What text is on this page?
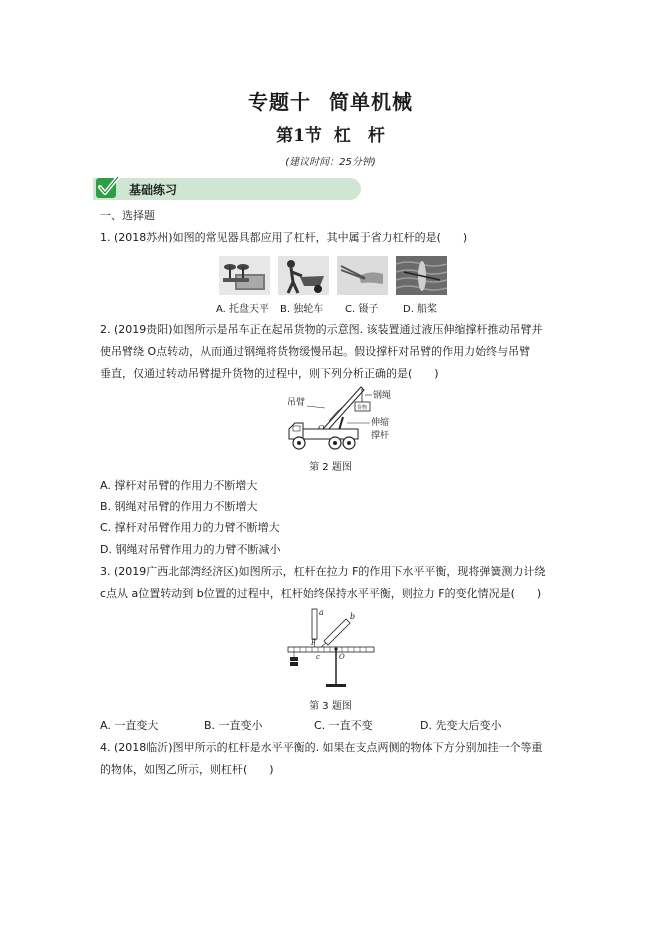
专题十 简单机械
第1节 杠　杆
(建议时间：25分钟)
基础练习
一、选择题
1. (2018苏州)如图的常见器具都应用了杠杆，其中属于省力杠杆的是(　　)
A. 托盘天平 B. 独轮车 C. 镊子 D. 船桨
2. (2019贵阳)如图所示是吊车正在起吊货物的示意图. 该装置通过液压伸缩撑杆推动吊臂并
使吊臂绕 O点转动，从而通过钢绳将货物缓慢吊起。假设撑杆对吊臂的作用力始终与吊臂
垂直，仅通过转动吊臂提升货物的过程中，则下列分析正确的是(　　)
吊臂
钢绳
伸缩
撑杆
货物
第 2 题图
A. 撑杆对吊臂的作用力不断增大
B. 钢绳对吊臂的作用力不断增大
C. 撑杆对吊臂作用力的力臂不断增大
D. 钢绳对吊臂作用力的力臂不断减小
3. (2019广西北部湾经济区)如图所示，杠杆在拉力 F的作用下水平平衡，现将弹簧测力计绕
c点从 a位置转动到 b位置的过程中，杠杆始终保持水平平衡，则拉力 F的变化情况是(　　)
a	b
F
c	O
第 3 题图
A. 一直变大	B. 一直变小	C. 一直不变	D. 先变大后变小
4. (2018临沂)图甲所示的杠杆是水平平衡的. 如果在支点两侧的物体下方分别加挂一个等重
的物体，如图乙所示，则杠杆(　　)
